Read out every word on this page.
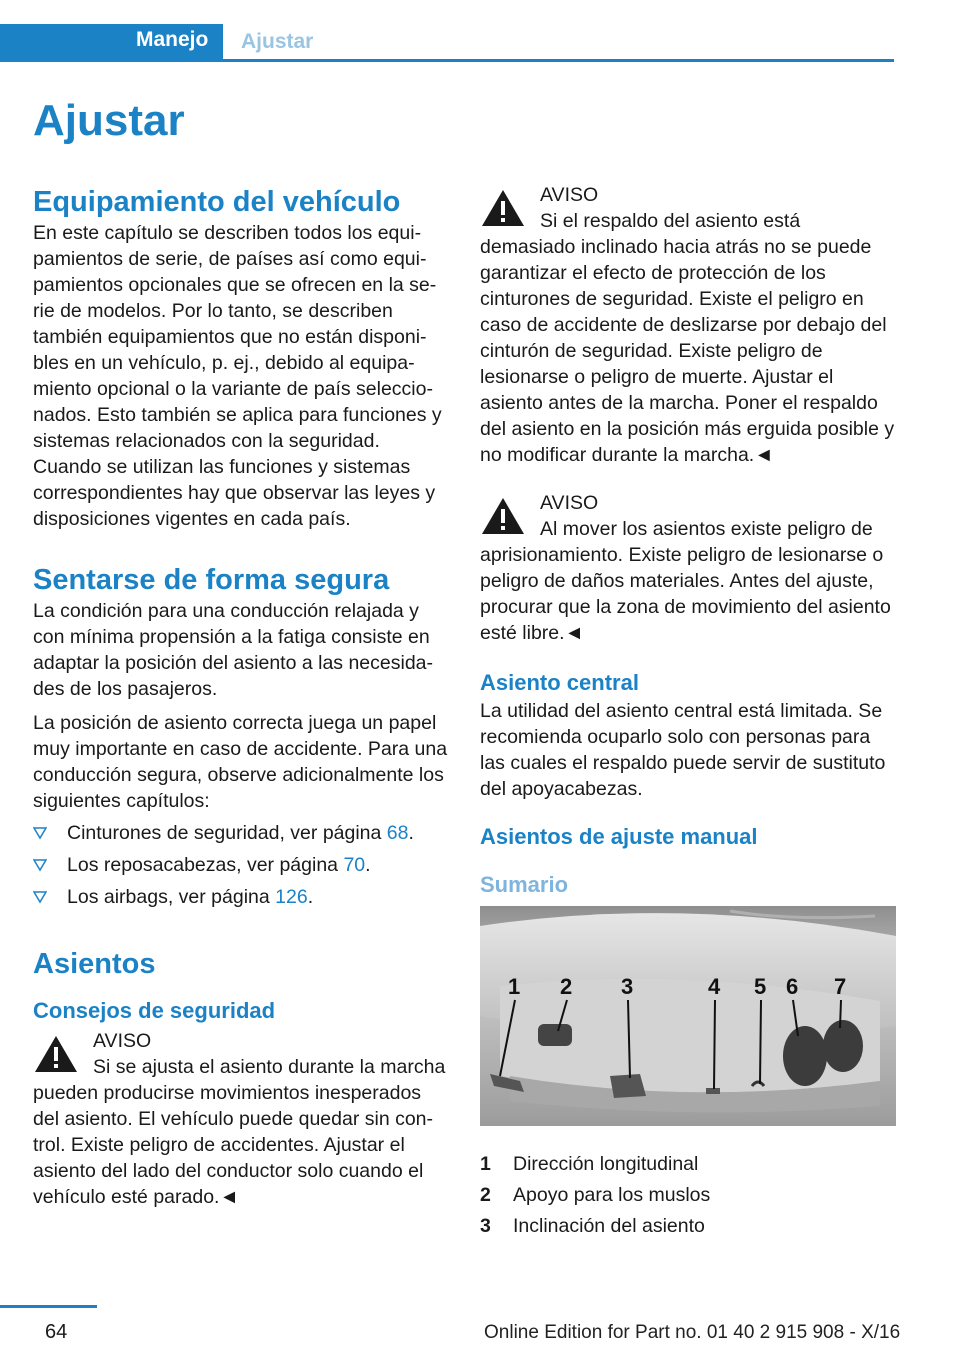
Manejo Ajustar
Ajustar
Equipamiento del vehículo

En este capítulo se describen todos los equipamientos de serie, de países así como equipamientos opcionales que se ofrecen en la serie de modelos. Por lo tanto, se describen también equipamientos que no están disponibles en un vehículo, p. ej., debido al equipamiento opcional o la variante de país seleccionados. Esto también se aplica para funciones y sistemas relacionados con la seguridad. Cuando se utilizan las funciones y sistemas correspondientes hay que observar las leyes y disposiciones vigentes en cada país.

Sentarse de forma segura

La condición para una conducción relajada y con mínima propensión a la fatiga consiste en adaptar la posición del asiento a las necesidades de los pasajeros.

La posición de asiento correcta juega un papel muy importante en caso de accidente. Para una conducción segura, observe adicionalmente los siguientes capítulos:

Cinturones de seguridad, ver página 68.
Los reposacabezas, ver página 70.
Los airbags, ver página 126.
Asientos
Consejos de seguridad
AVISO
Si se ajusta el asiento durante la marcha pueden producirse movimientos inesperados del asiento. El vehículo puede quedar sin control. Existe peligro de accidentes. Ajustar el asiento del lado del conductor solo cuando el vehículo esté parado.◄
AVISO
Si el respaldo del asiento está demasiado inclinado hacia atrás no se puede garantizar el efecto de protección de los cinturones de seguridad. Existe el peligro en caso de accidente de deslizarse por debajo del cinturón de seguridad. Existe peligro de lesionarse o peligro de muerte. Ajustar el asiento antes de la marcha. Poner el respaldo del asiento en la posición más erguida posible y no modificar durante la marcha.◄
AVISO
Al mover los asientos existe peligro de aprisionamiento. Existe peligro de lesionarse o peligro de daños materiales. Antes del ajuste, procurar que la zona de movimiento del asiento esté libre.◄
Asiento central

La utilidad del asiento central está limitada. Se recomienda ocuparlo solo con personas para las cuales el respaldo puede servir de sustituto del apoyacabezas.

Asientos de ajuste manual
Sumario
1 2 3	4 5 6 7
1	Dirección longitudinal
2	Apoyo para los muslos
3	Inclinación del asiento
64	Online Edition for Part no. 01 40 2 915 908 - X/16
